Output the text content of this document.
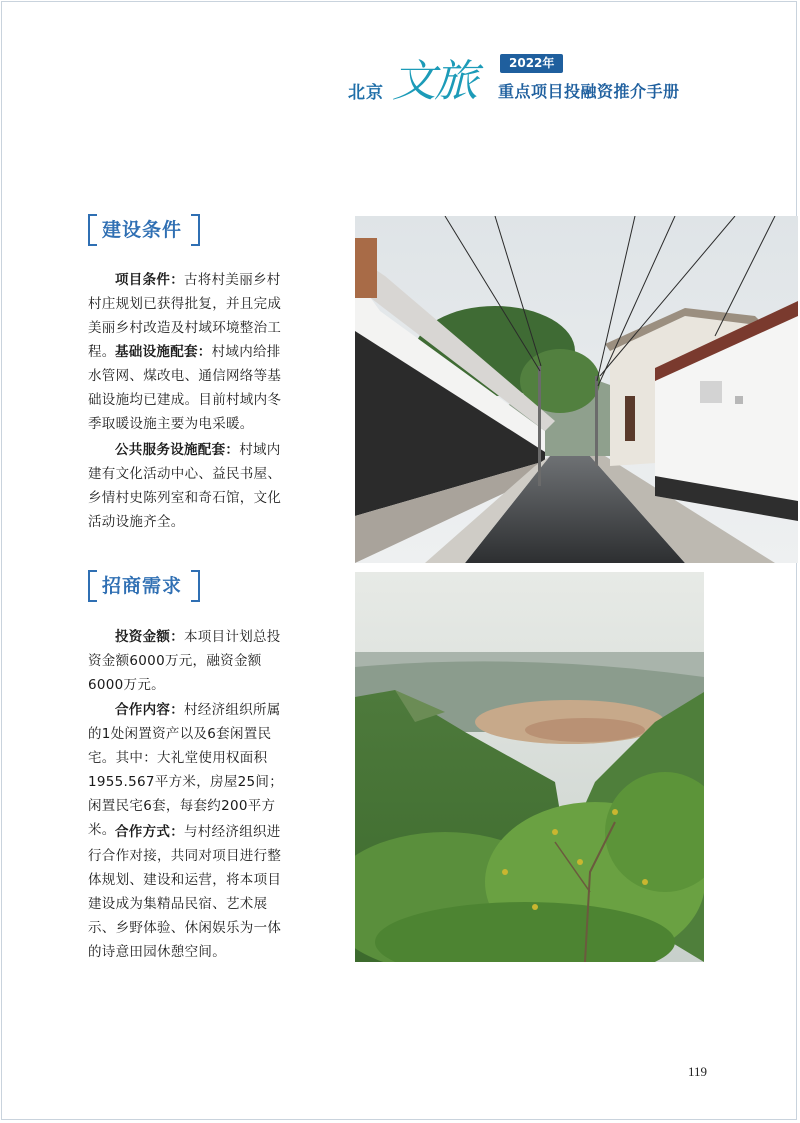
北京 文旅	2022年
重点项目投融资推介手册
建设条件
项目条件：古将村美丽乡村村庄规划已获得批复，并且完成美丽乡村改造及村域环境整治工程。 基础设施配套：村域内给排水管网、煤改电、通信网络等基础设施均已建成。目前村域内冬季取暖设施主要为电采暖。
公共服务设施配套：村域内建有文化活动中心、益民书屋、乡情村史陈列室和奇石馆，文化活动设施齐全。
招商需求
投资金额：本项目计划总投资金额6000万元，融资金额6000万元。
合作内容：村经济组织所属的1处闲置资产以及6套闲置民宅。其中：大礼堂使用权面积1955.567平方米，房屋25间；闲置民宅6套，每套约200平方米。 合作方式：与村经济组织进行合作对接，共同对项目进行整体规划、建设和运营，将本项目建设成为集精品民宿、艺术展示、乡野体验、休闲娱乐为一体的诗意田园休憩空间。
119
